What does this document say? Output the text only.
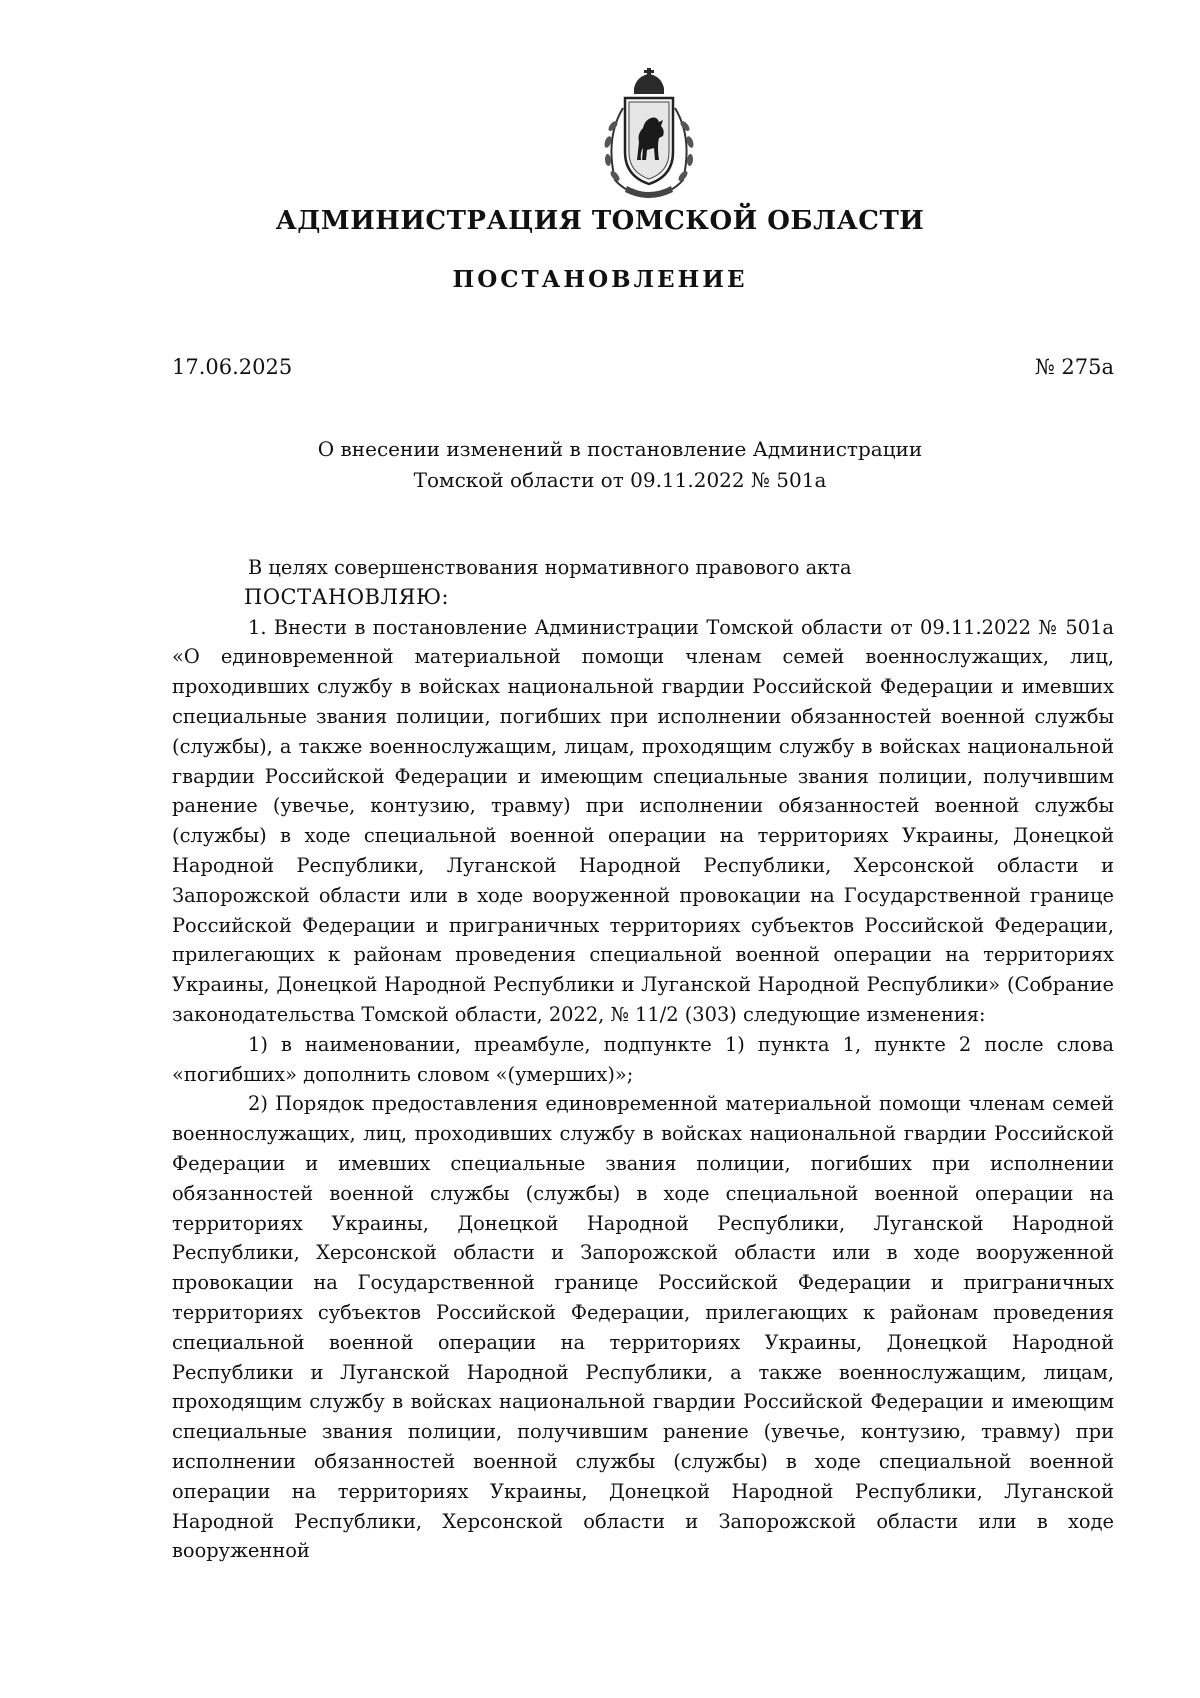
АДМИНИСТРАЦИЯ ТОМСКОЙ ОБЛАСТИ
ПОСТАНОВЛЕНИЕ
17.06.2025	№ 275а
О внесении изменений в постановление Администрации
Томской области от 09.11.2022 № 501а

В целях совершенствования нормативного правового акта

ПОСТАНОВЛЯЮ:

1. Внести в постановление Администрации Томской области от 09.11.2022 № 501а «О единовременной материальной помощи членам семей военнослужащих, лиц, проходивших службу в войсках национальной гвардии Российской Федерации и имевших специальные звания полиции, погибших при исполнении обязанностей военной службы (службы), а также военнослужащим, лицам, проходящим службу в войсках национальной гвардии Российской Федерации и имеющим специальные звания полиции, получившим ранение (увечье, контузию, травму) при исполнении обязанностей военной службы (службы) в ходе специальной военной операции на территориях Украины, Донецкой Народной Республики, Луганской Народной Республики, Херсонской области и Запорожской области или в ходе вооруженной провокации на Государственной границе Российской Федерации и приграничных территориях субъектов Российской Федерации, прилегающих к районам проведения специальной военной операции на территориях Украины, Донецкой Народной Республики и Луганской Народной Республики» (Собрание законодательства Томской области, 2022, № 11/2 (303) следующие изменения:

1) в наименовании, преамбуле, подпункте 1) пункта 1, пункте 2 после слова «погибших» дополнить словом «(умерших)»;

2) Порядок предоставления единовременной материальной помощи членам семей военнослужащих, лиц, проходивших службу в войсках национальной гвардии Российской Федерации и имевших специальные звания полиции, погибших при исполнении обязанностей военной службы (службы) в ходе специальной военной операции на территориях Украины, Донецкой Народной Республики, Луганской Народной Республики, Херсонской области и Запорожской области или в ходе вооруженной провокации на Государственной границе Российской Федерации и приграничных территориях субъектов Российской Федерации, прилегающих к районам проведения специальной военной операции на территориях Украины, Донецкой Народной Республики и Луганской Народной Республики, а также военнослужащим, лицам, проходящим службу в войсках национальной гвардии Российской Федерации и имеющим специальные звания полиции, получившим ранение (увечье, контузию, травму) при исполнении обязанностей военной службы (службы) в ходе специальной военной операции на территориях Украины, Донецкой Народной Республики, Луганской Народной Республики, Херсонской области и Запорожской области или в ходе вооруженной
